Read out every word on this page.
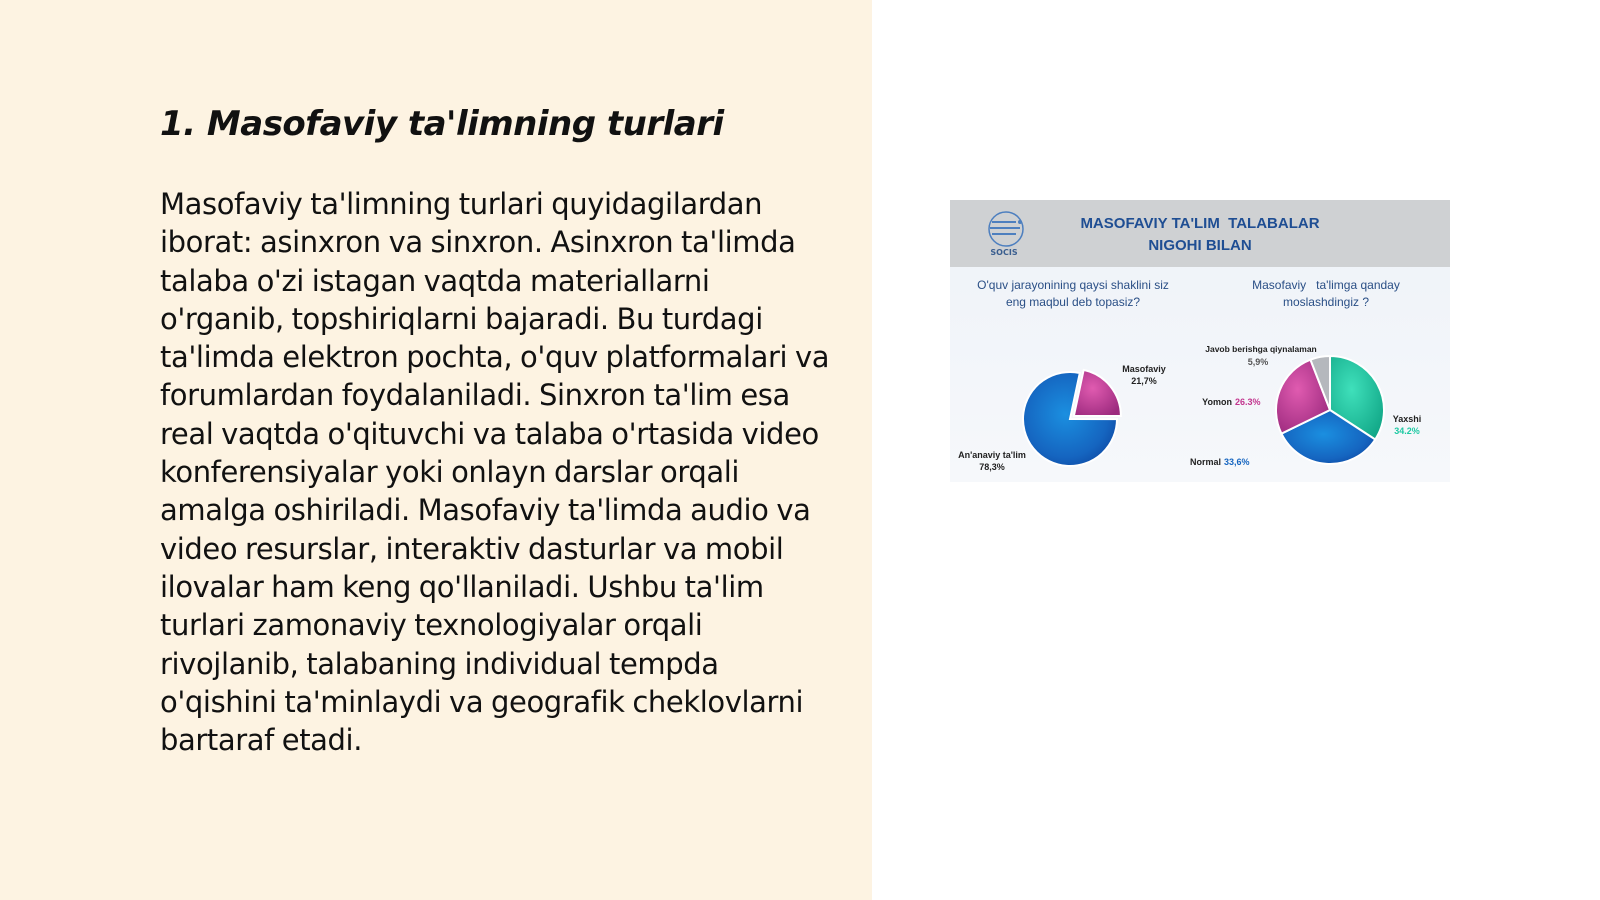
1. Masofaviy ta'limning turlari

Masofaviy ta'limning turlari quyidagilardan iborat: asinxron va sinxron. Asinxron ta'limda talaba o'zi istagan vaqtda materiallarni o'rganib, topshiriqlarni bajaradi. Bu turdagi ta'limda elektron pochta, o'quv platformalari va forumlardan foydalaniladi. Sinxron ta'lim esa real vaqtda o'qituvchi va talaba o'rtasida video konferensiyalar yoki onlayn darslar orqali amalga oshiriladi. Masofaviy ta'limda audio va video resurslar, interaktiv dasturlar va mobil ilovalar ham keng qo'llaniladi. Ushbu ta'lim turlari zamonaviy texnologiyalar orqali rivojlanib, talabaning individual tempda o'qishini ta'minlaydi va geografik cheklovlarni bartaraf etadi.

SOCIS
MASOFAVIY TA'LIM  TALABALAR
NIGOHI BILAN
O'quv jarayonining qaysi shaklini siz
eng maqbul deb topasiz?
Masofaviy   ta'limga qanday
moslashdingiz ?
Masofaviy
21,7%
An'anaviy ta'lim
78,3%
Yaxshi
34.2%
Normal 33,6%
Yomon 26.3%
Javob berishga qiynalaman
5,9%
